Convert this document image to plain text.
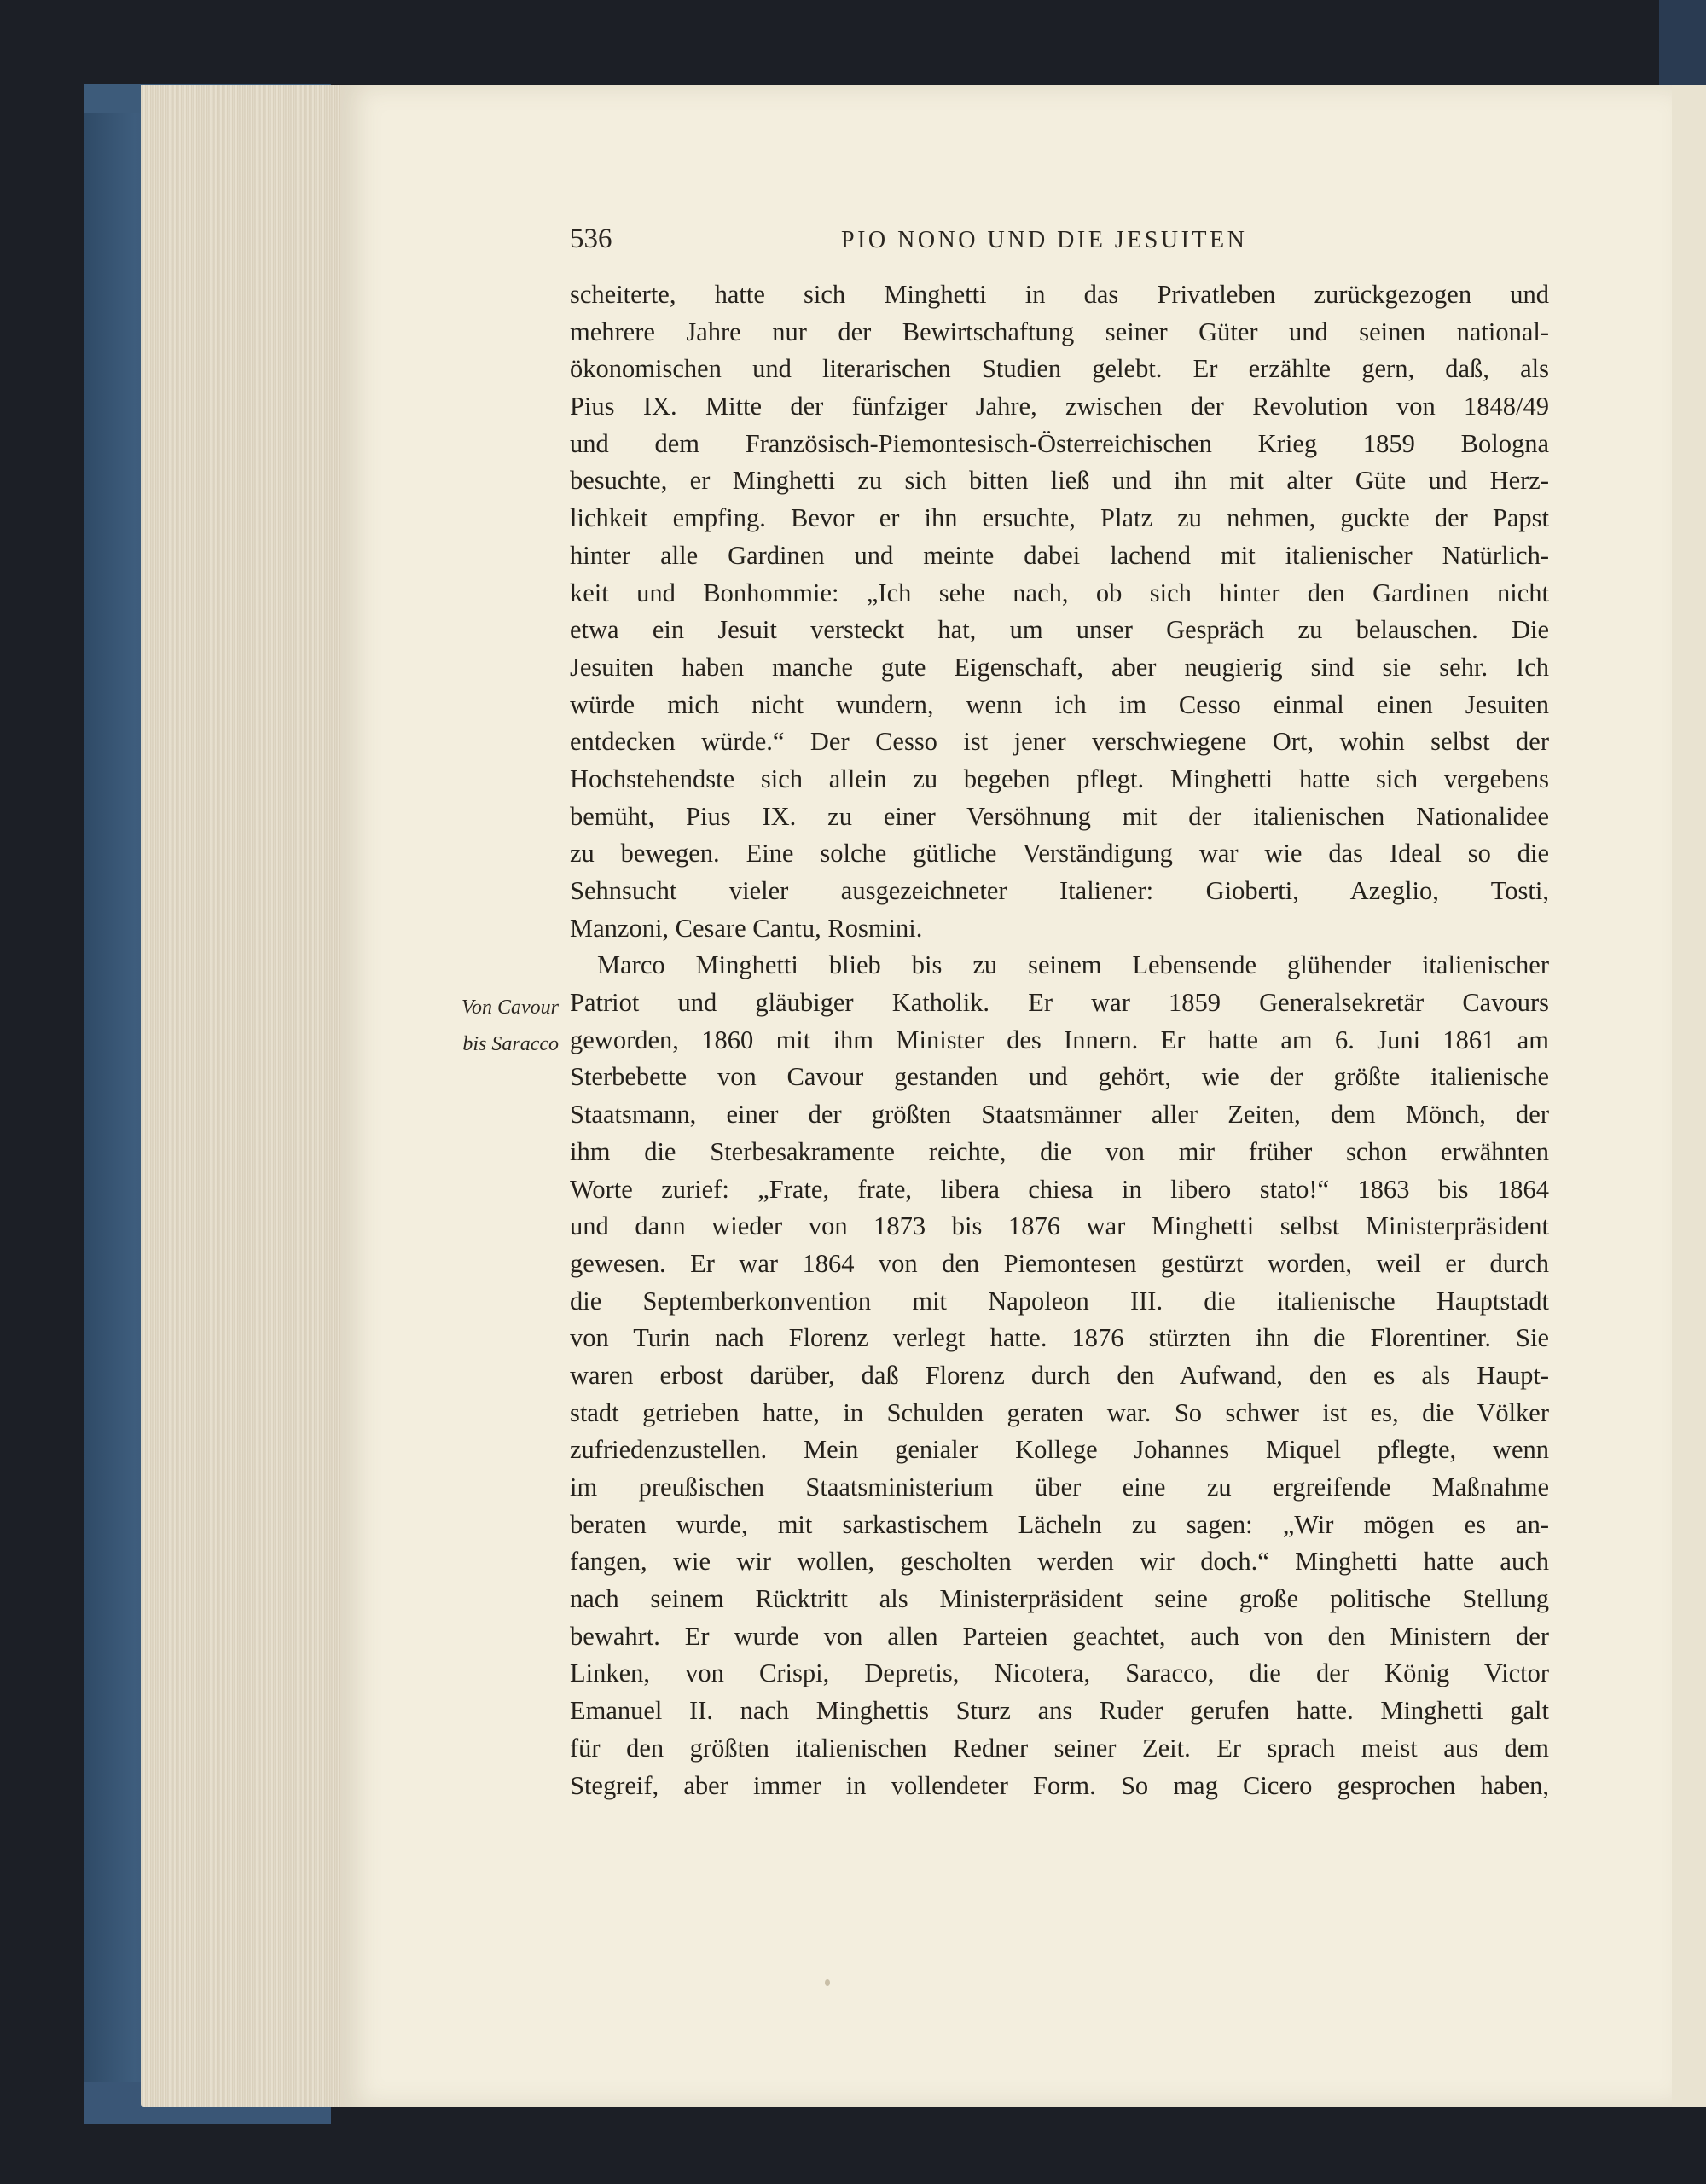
536	PIO NONO UND DIE JESUITEN
Von Cavour
bis Saracco
scheiterte, hatte sich Minghetti in das Privatleben zurückgezogen und
mehrere Jahre nur der Bewirtschaftung seiner Güter und seinen national-
ökonomischen und literarischen Studien gelebt. Er erzählte gern, daß, als
Pius IX. Mitte der fünfziger Jahre, zwischen der Revolution von 1848/49
und dem Französisch-Piemontesisch-Österreichischen Krieg 1859 Bologna
besuchte, er Minghetti zu sich bitten ließ und ihn mit alter Güte und Herz-
lichkeit empfing. Bevor er ihn ersuchte, Platz zu nehmen, guckte der Papst
hinter alle Gardinen und meinte dabei lachend mit italienischer Natürlich-
keit und Bonhommie: „Ich sehe nach, ob sich hinter den Gardinen nicht
etwa ein Jesuit versteckt hat, um unser Gespräch zu belauschen. Die
Jesuiten haben manche gute Eigenschaft, aber neugierig sind sie sehr. Ich
würde mich nicht wundern, wenn ich im Cesso einmal einen Jesuiten
entdecken würde.“ Der Cesso ist jener verschwiegene Ort, wohin selbst der
Hochstehendste sich allein zu begeben pflegt. Minghetti hatte sich vergebens
bemüht, Pius IX. zu einer Versöhnung mit der italienischen Nationalidee
zu bewegen. Eine solche gütliche Verständigung war wie das Ideal so die
Sehnsucht vieler ausgezeichneter Italiener: Gioberti, Azeglio, Tosti,
Manzoni, Cesare Cantu, Rosmini.
Marco Minghetti blieb bis zu seinem Lebensende glühender italienischer
Patriot und gläubiger Katholik. Er war 1859 Generalsekretär Cavours
geworden, 1860 mit ihm Minister des Innern. Er hatte am 6. Juni 1861 am
Sterbebette von Cavour gestanden und gehört, wie der größte italienische
Staatsmann, einer der größten Staatsmänner aller Zeiten, dem Mönch, der
ihm die Sterbesakramente reichte, die von mir früher schon erwähnten
Worte zurief: „Frate, frate, libera chiesa in libero stato!“ 1863 bis 1864
und dann wieder von 1873 bis 1876 war Minghetti selbst Ministerpräsident
gewesen. Er war 1864 von den Piemontesen gestürzt worden, weil er durch
die Septemberkonvention mit Napoleon III. die italienische Hauptstadt
von Turin nach Florenz verlegt hatte. 1876 stürzten ihn die Florentiner. Sie
waren erbost darüber, daß Florenz durch den Aufwand, den es als Haupt-
stadt getrieben hatte, in Schulden geraten war. So schwer ist es, die Völker
zufriedenzustellen. Mein genialer Kollege Johannes Miquel pflegte, wenn
im preußischen Staatsministerium über eine zu ergreifende Maßnahme
beraten wurde, mit sarkastischem Lächeln zu sagen: „Wir mögen es an-
fangen, wie wir wollen, gescholten werden wir doch.“ Minghetti hatte auch
nach seinem Rücktritt als Ministerpräsident seine große politische Stellung
bewahrt. Er wurde von allen Parteien geachtet, auch von den Ministern der
Linken, von Crispi, Depretis, Nicotera, Saracco, die der König Victor
Emanuel II. nach Minghettis Sturz ans Ruder gerufen hatte. Minghetti galt
für den größten italienischen Redner seiner Zeit. Er sprach meist aus dem
Stegreif, aber immer in vollendeter Form. So mag Cicero gesprochen haben,
